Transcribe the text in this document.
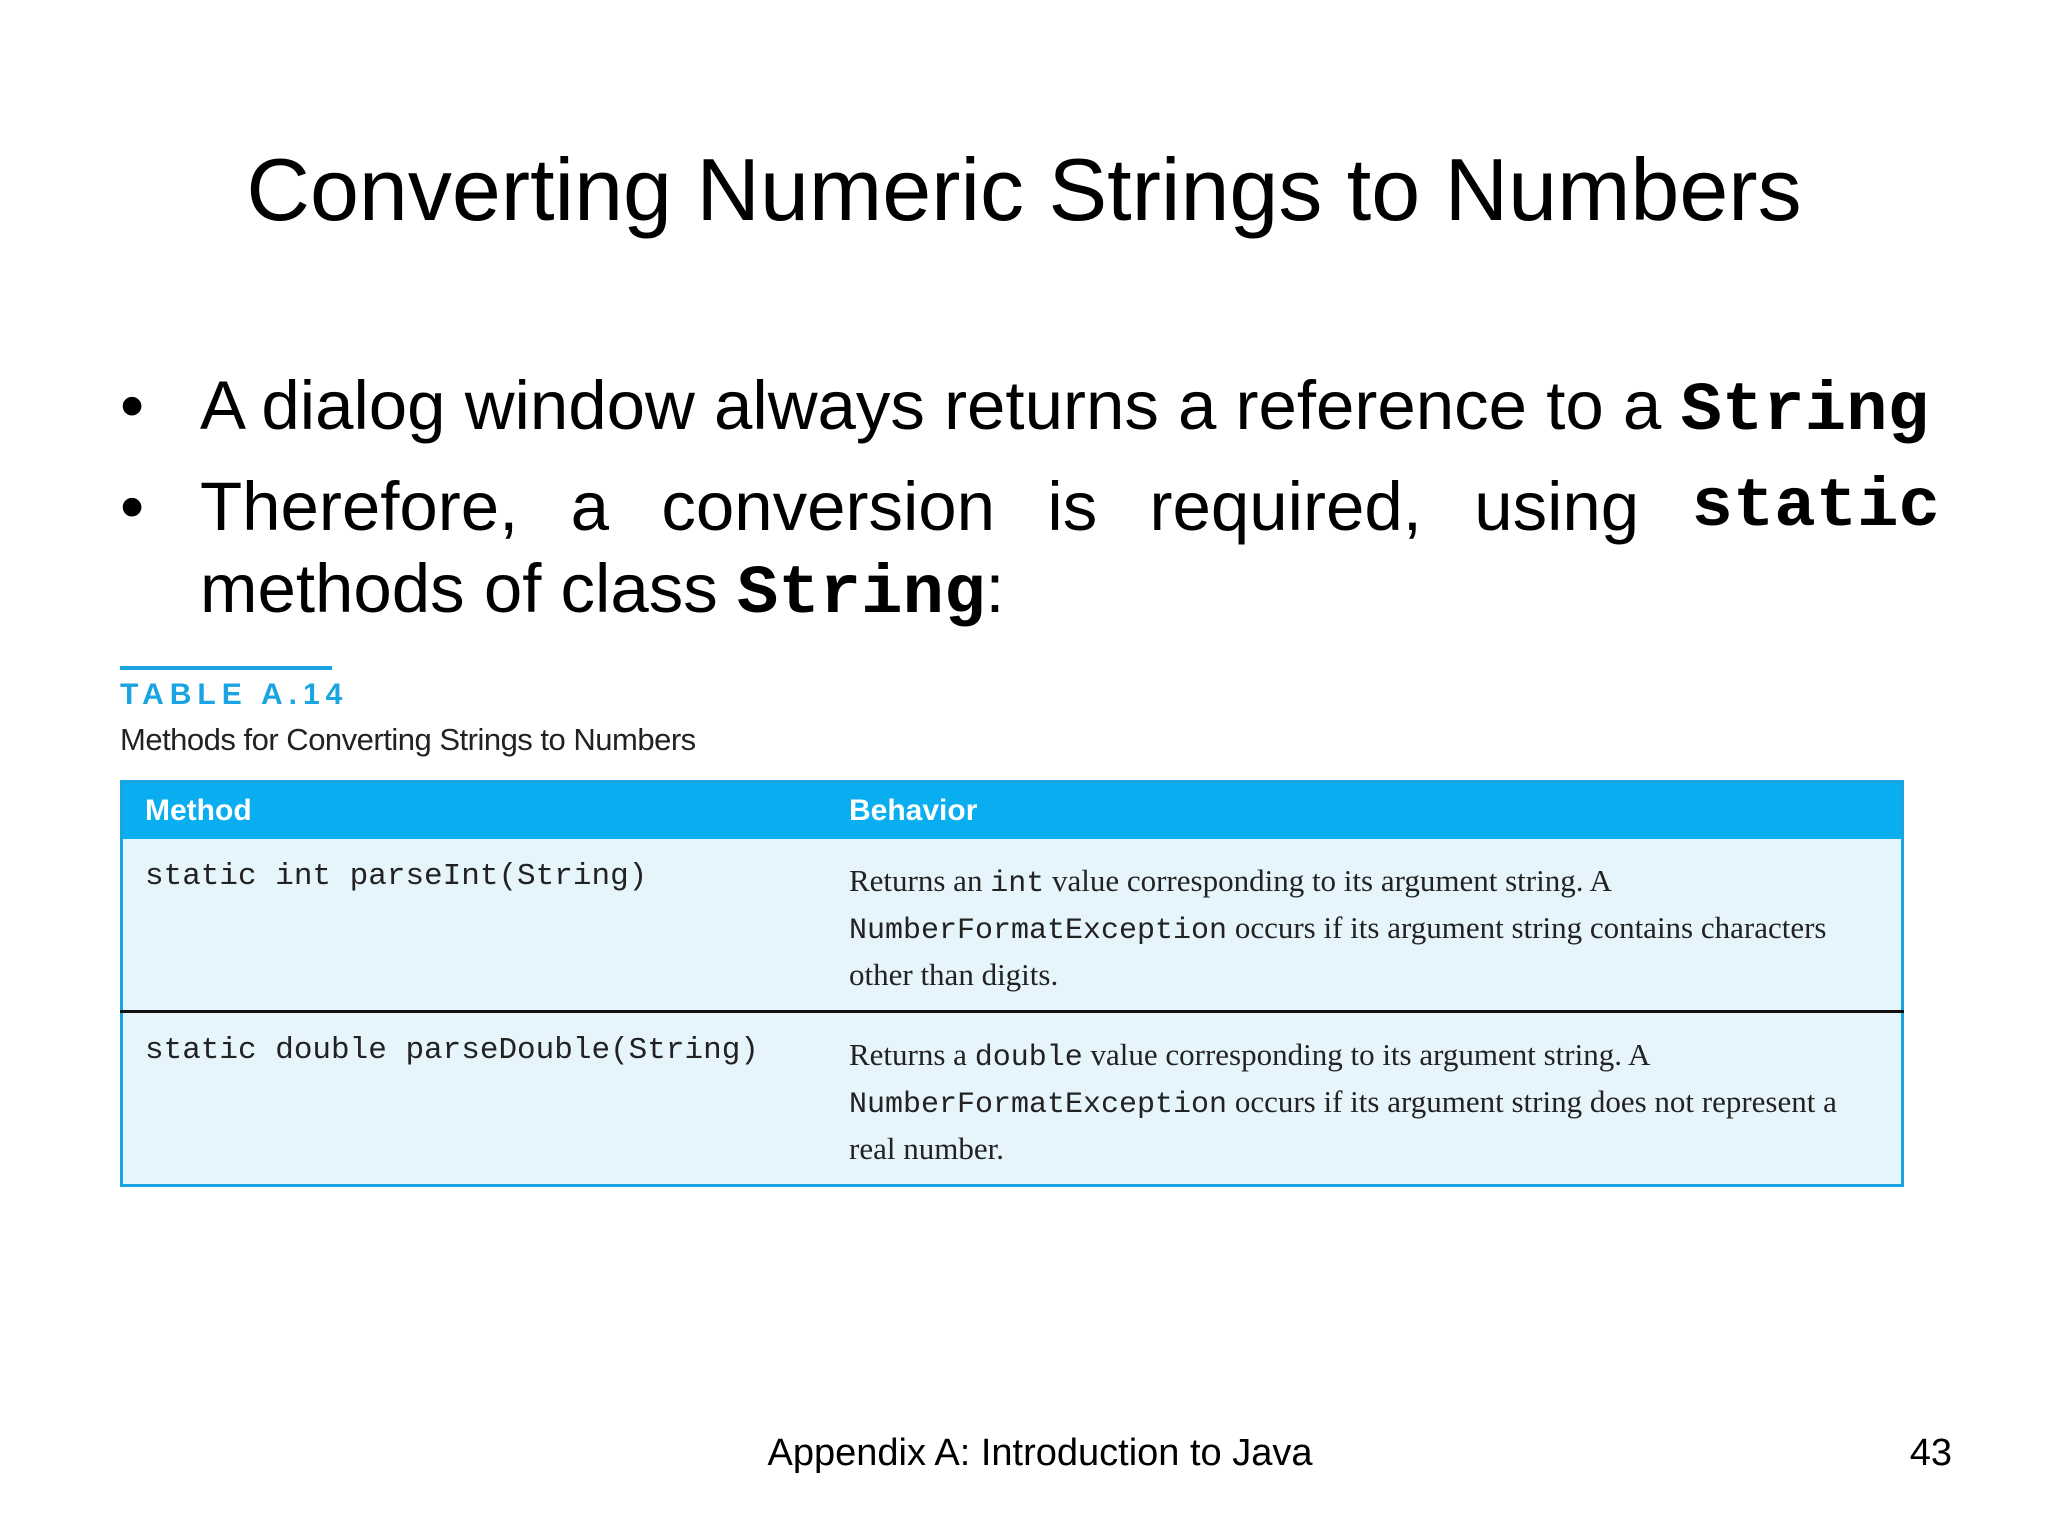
Converting Numeric Strings to Numbers
• A dialog window always returns a reference to a String
• Therefore, a conversion is required, using static
methods of class String:
TABLE A.14
Methods for Converting Strings to Numbers
Method	Behavior
static int parseInt(String)	Returns an int value corresponding to its argument string. A NumberFormatException occurs if its argument string contains characters other than digits.

static double parseDouble(String)	Returns a double value corresponding to its argument string. A NumberFormatException occurs if its argument string does not represent a real number.
Appendix A: Introduction to Java	43
